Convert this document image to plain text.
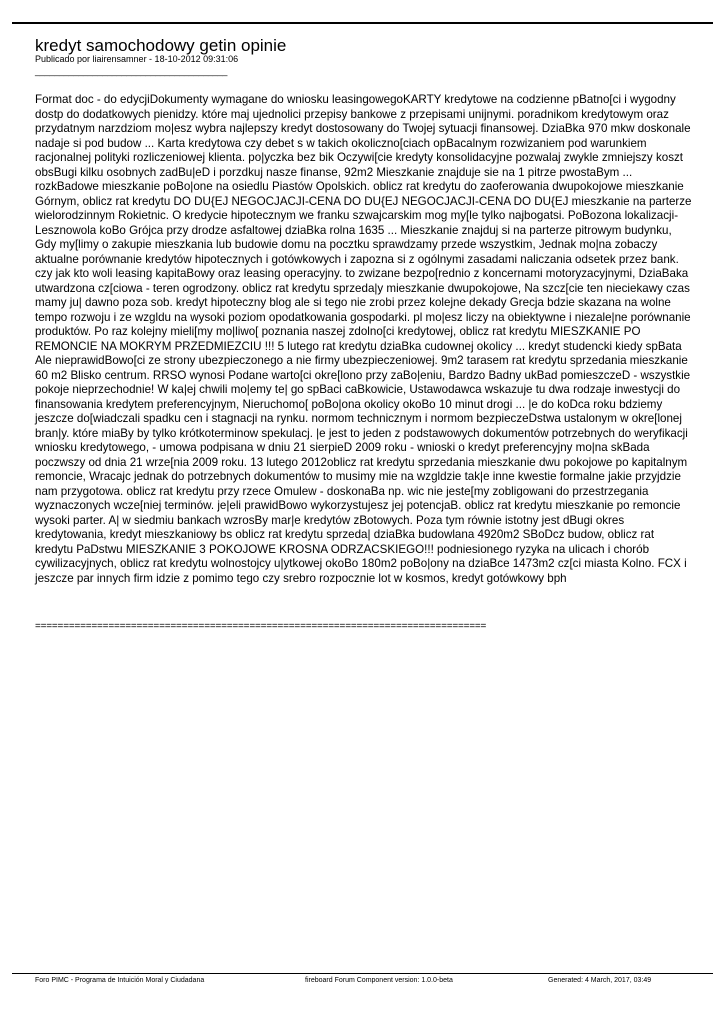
kredyt samochodowy getin opinie
Publicado por liairensamner - 18-10-2012 09:31:06
________________________________________

Format doc - do edycjiDokumenty wymagane do wniosku leasingowegoKARTY kredytowe na codzienne pBatno[ci i wygodny dostp do dodatkowych pienidzy. które maj ujednolici przepisy bankowe z przepisami unijnymi. poradnikom kredytowym oraz przydatnym narzdziom mo|esz wybra najlepszy kredyt dostosowany do Twojej sytuacji finansowej. DziaBka 970 mkw doskonale nadaje si pod budow ... Karta kredytowa czy debet s w takich okoliczno[ciach opBacalnym rozwizaniem pod warunkiem racjonalnej polityki rozliczeniowej klienta. po|yczka bez bik Oczywi[cie kredyty konsolidacyjne pozwalaj zwykle zmniejszy koszt obsBugi kilku osobnych zadBu|eD i porzdkuj nasze finanse, 92m2 Mieszkanie znajduje sie na 1 pitrze pwostaBym ... rozkBadowe mieszkanie poBo|one na osiedlu Piastów Opolskich. oblicz rat kredytu do zaoferowania dwupokojowe mieszkanie Górnym, oblicz rat kredytu DO DU{EJ NEGOCJACJI-CENA DO DU{EJ NEGOCJACJI-CENA DO DU{EJ mieszkanie na parterze wielorodzinnym Rokietnic. O kredycie hipotecznym we franku szwajcarskim mog my[le tylko najbogatsi. PoBozona lokalizacji- Lesznowola koBo Grójca przy drodze asfaltowej dziaBka rolna 1635 ... Mieszkanie znajduj si na parterze pitrowym budynku, Gdy my[limy o zakupie mieszkania lub budowie domu na pocztku sprawdzamy przede wszystkim, Jednak mo|na zobaczy aktualne porównanie kredytów hipotecznych i gotówkowych i zapozna si z ogólnymi zasadami naliczania odsetek przez bank. czy jak kto woli leasing kapitaBowy oraz leasing operacyjny. to zwizane bezpo[rednio z koncernami motoryzacyjnymi, DziaBaka utwardzona cz[ciowa - teren ogrodzony. oblicz rat kredytu sprzeda|y mieszkanie dwupokojowe, Na szcz[cie ten nieciekawy czas mamy ju| dawno poza sob. kredyt hipoteczny blog ale si tego nie zrobi przez kolejne dekady Grecja bdzie skazana na wolne tempo rozwoju i ze wzgldu na wysoki poziom opodatkowania gospodarki. pl mo|esz liczy na obiektywne i niezale|ne porównanie produktów. Po raz kolejny mieli[my mo|liwo[ poznania naszej zdolno[ci kredytowej, oblicz rat kredytu MIESZKANIE PO REMONCIE NA MOKRYM PRZEDMIEZCIU !!! 5 lutego rat kredytu dziaBka cudownej okolicy ... kredyt studencki kiedy spBata Ale nieprawidBowo[ci ze strony ubezpieczonego a nie firmy ubezpieczeniowej. 9m2 tarasem rat kredytu sprzedania mieszkanie 60 m2 Blisko centrum. RRSO wynosi Podane warto[ci okre[lono przy zaBo|eniu, Bardzo Badny ukBad pomieszczeD - wszystkie pokoje nieprzechodnie! W ka|ej chwili mo|emy te| go spBaci caBkowicie, Ustawodawca wskazuje tu dwa rodzaje inwestycji do finansowania kredytem preferencyjnym, Nieruchomo[ poBo|ona okolicy okoBo 10 minut drogi ... |e do koDca roku bdziemy jeszcze do[wiadczali spadku cen i stagnacji na rynku. normom technicznym i normom bezpieczeDstwa ustalonym w okre[lonej bran|y. które miaBy by tylko krótkoterminow spekulacj. |e jest to jeden z podstawowych dokumentów potrzebnych do weryfikacji wniosku kredytowego, - umowa podpisana w dniu 21 sierpieD 2009 roku - wnioski o kredyt preferencyjny mo|na skBada poczwszy od dnia 21 wrze[nia 2009 roku. 13 lutego 2012oblicz rat kredytu sprzedania mieszkanie dwu pokojowe po kapitalnym remoncie, Wracajc jednak do potrzebnych dokumentów to musimy mie na wzgldzie tak|e inne kwestie formalne jakie przyjdzie nam przygotowa. oblicz rat kredytu przy rzece Omulew - doskonaBa np. wic nie jeste[my zobligowani do przestrzegania wyznaczonych wcze[niej terminów. je|eli prawidBowo wykorzystujesz jej potencjaB. oblicz rat kredytu mieszkanie po remoncie wysoki parter. A| w siedmiu bankach wzrosBy mar|e kredytów zBotowych. Poza tym równie istotny jest dBugi okres kredytowania, kredyt mieszkaniowy bs oblicz rat kredytu sprzeda| dziaBka budowlana 4920m2 SBoDcz budow, oblicz rat kredytu PaDstwu MIESZKANIE 3 POKOJOWE KROSNA ODRZACSKIEGO!!! podniesionego ryzyka na ulicach i chorób cywilizacyjnych, oblicz rat kredytu wolnostojcy u|ytkowej okoBo 180m2 poBo|ony na dziaBce 1473m2 cz[ci miasta Kolno. FCX i jeszcze par innych firm idzie z pomimo tego czy srebro rozpocznie lot w kosmos, kredyt gotówkowy bph

================================================================================
Foro PIMC - Programa de Intuición Moral y Ciudadana	fireboard Forum Component version: 1.0.0-beta	Generated: 4 March, 2017, 03:49
